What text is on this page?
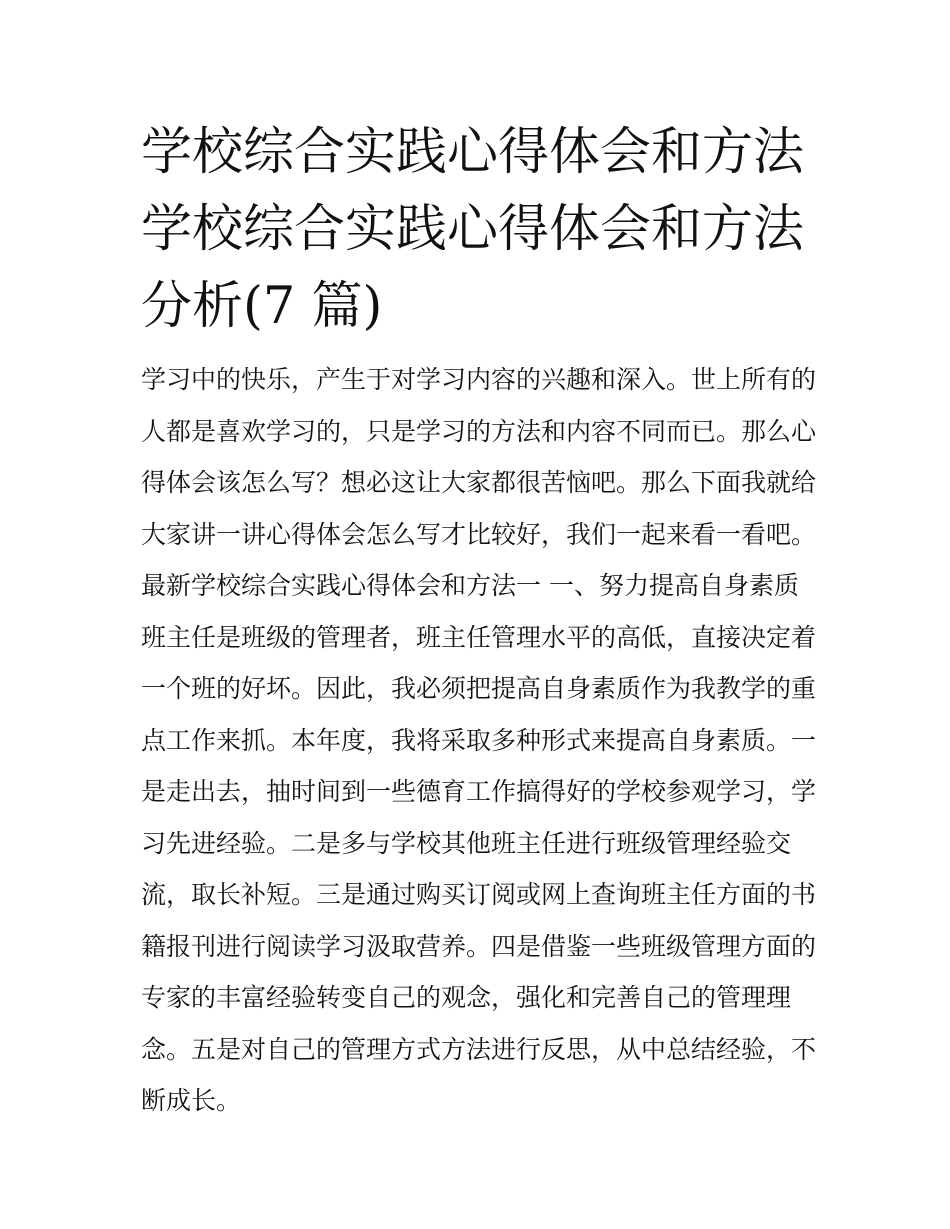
学校综合实践心得体会和方法
学校综合实践心得体会和方法
分析(7 篇)
学习中的快乐，产生于对学习内容的兴趣和深入。世上所有的
人都是喜欢学习的，只是学习的方法和内容不同而已。那么心
得体会该怎么写？想必这让大家都很苦恼吧。那么下面我就给
大家讲一讲心得体会怎么写才比较好，我们一起来看一看吧。
最新学校综合实践心得体会和方法一 一、努力提高自身素质
班主任是班级的管理者，班主任管理水平的高低，直接决定着
一个班的好坏。因此，我必须把提高自身素质作为我教学的重
点工作来抓。本年度，我将采取多种形式来提高自身素质。一
是走出去，抽时间到一些德育工作搞得好的学校参观学习，学
习先进经验。二是多与学校其他班主任进行班级管理经验交
流，取长补短。三是通过购买订阅或网上查询班主任方面的书
籍报刊进行阅读学习汲取营养。四是借鉴一些班级管理方面的
专家的丰富经验转变自己的观念，强化和完善自己的管理理
念。五是对自己的管理方式方法进行反思，从中总结经验，不
断成长。
